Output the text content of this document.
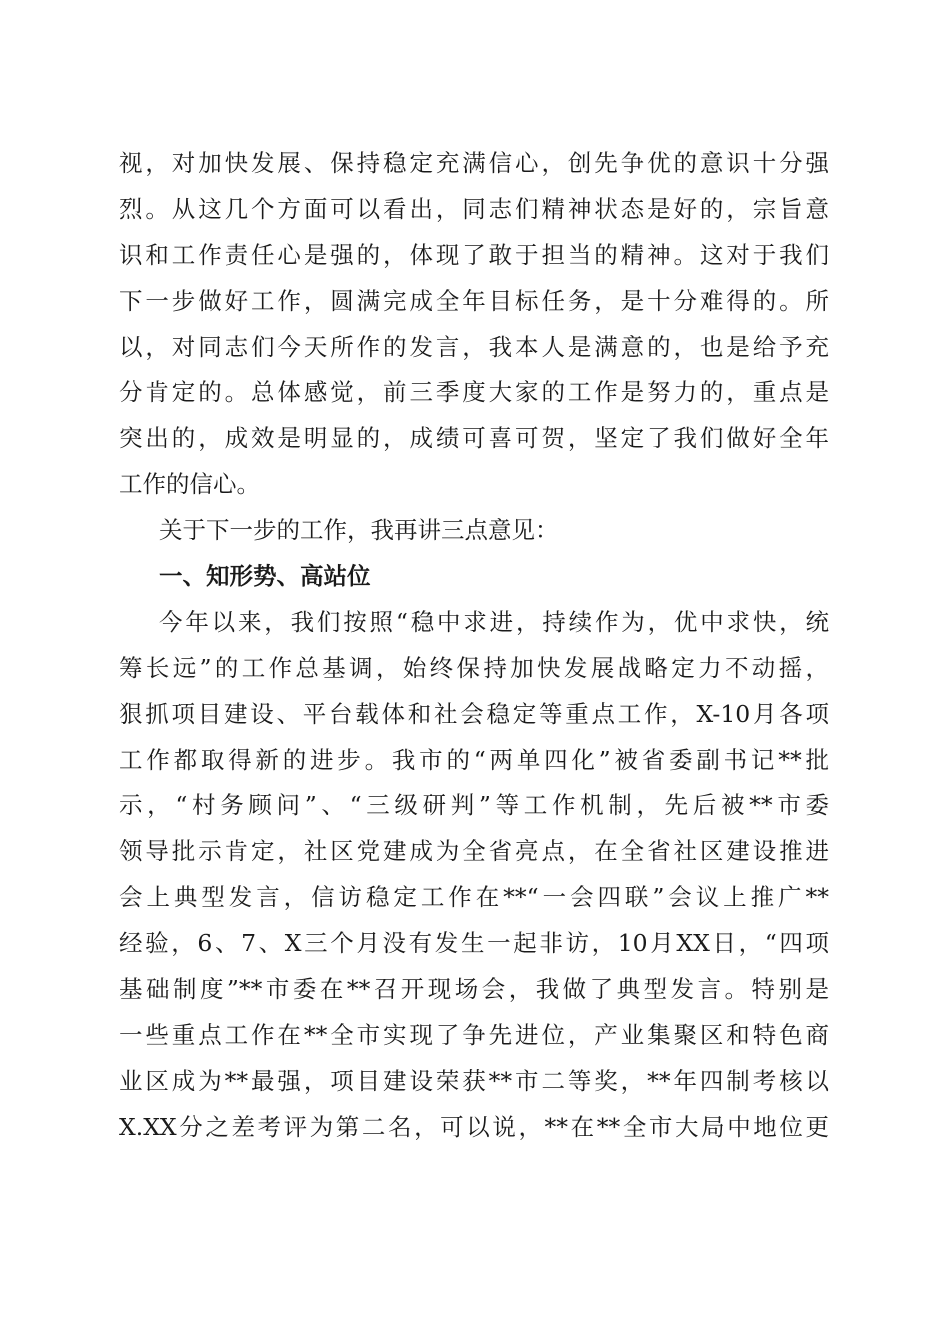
视，对加快发展、保持稳定充满信心，创先争优的意识十分强
烈。从这几个方面可以看出，同志们精神状态是好的，宗旨意
识和工作责任心是强的，体现了敢于担当的精神。这对于我们
下一步做好工作，圆满完成全年目标任务，是十分难得的。所
以，对同志们今天所作的发言，我本人是满意的，也是给予充
分肯定的。总体感觉，前三季度大家的工作是努力的，重点是
突出的，成效是明显的，成绩可喜可贺，坚定了我们做好全年
工作的信心。
关于下一步的工作，我再讲三点意见：
一、知形势、高站位
今年以来，我们按照“稳中求进，持续作为，优中求快，统
筹长远”的工作总基调，始终保持加快发展战略定力不动摇，
狠抓项目建设、平台载体和社会稳定等重点工作，X-10月各项
工作都取得新的进步。我市的“两单四化”被省委副书记**批
示，“村务顾问”、“三级研判”等工作机制，先后被**市委
领导批示肯定，社区党建成为全省亮点，在全省社区建设推进
会上典型发言，信访稳定工作在**“一会四联”会议上推广**
经验，6、7、X三个月没有发生一起非访，10月XX日，“四项
基础制度”**市委在**召开现场会，我做了典型发言。特别是
一些重点工作在**全市实现了争先进位，产业集聚区和特色商
业区成为**最强，项目建设荣获**市二等奖，**年四制考核以
X.XX分之差考评为第二名，可以说，**在**全市大局中地位更
